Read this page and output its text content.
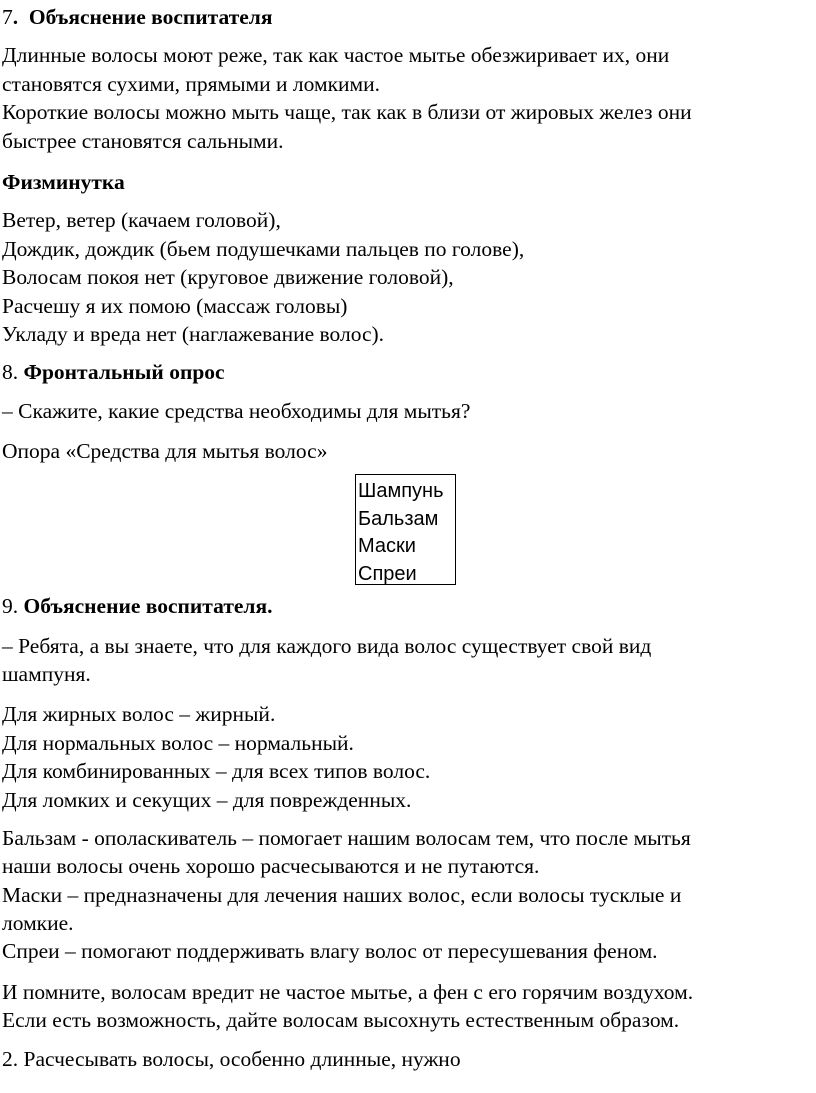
7. Объяснение воспитателя
Длинные волосы моют реже, так как частое мытье обезжиривает их, они
становятся сухими, прямыми и ломкими.
Короткие волосы можно мыть чаще, так как в близи от жировых желез они
быстрее становятся сальными.
Физминутка
Ветер, ветер (качаем головой),
Дождик, дождик (бьем подушечками пальцев по голове),
Волосам покоя нет (круговое движение головой),
Расчешу я их помою (массаж головы)
Укладу и вреда нет (наглажевание волос).
8. Фронтальный опрос
– Скажите, какие средства необходимы для мытья?
Опора «Средства для мытья волос»
Шампунь
Бальзам
Маски
Спреи
9. Объяснение воспитателя.
– Ребята, а вы знаете, что для каждого вида волос существует свой вид
шампуня.
Для жирных волос – жирный.
Для нормальных волос – нормальный.
Для комбинированных – для всех типов волос.
Для ломких и секущих – для поврежденных.
Бальзам - ополаскиватель – помогает нашим волосам тем, что после мытья
наши волосы очень хорошо расчесываются и не путаются.
Маски – предназначены для лечения наших волос, если волосы тусклые и
ломкие.
Спреи – помогают поддерживать влагу волос от пересушевания феном.
И помните, волосам вредит не частое мытье, а фен с его горячим воздухом.
Если есть возможность, дайте волосам высохнуть естественным образом.
2. Расчесывать волосы, особенно длинные, нужно
